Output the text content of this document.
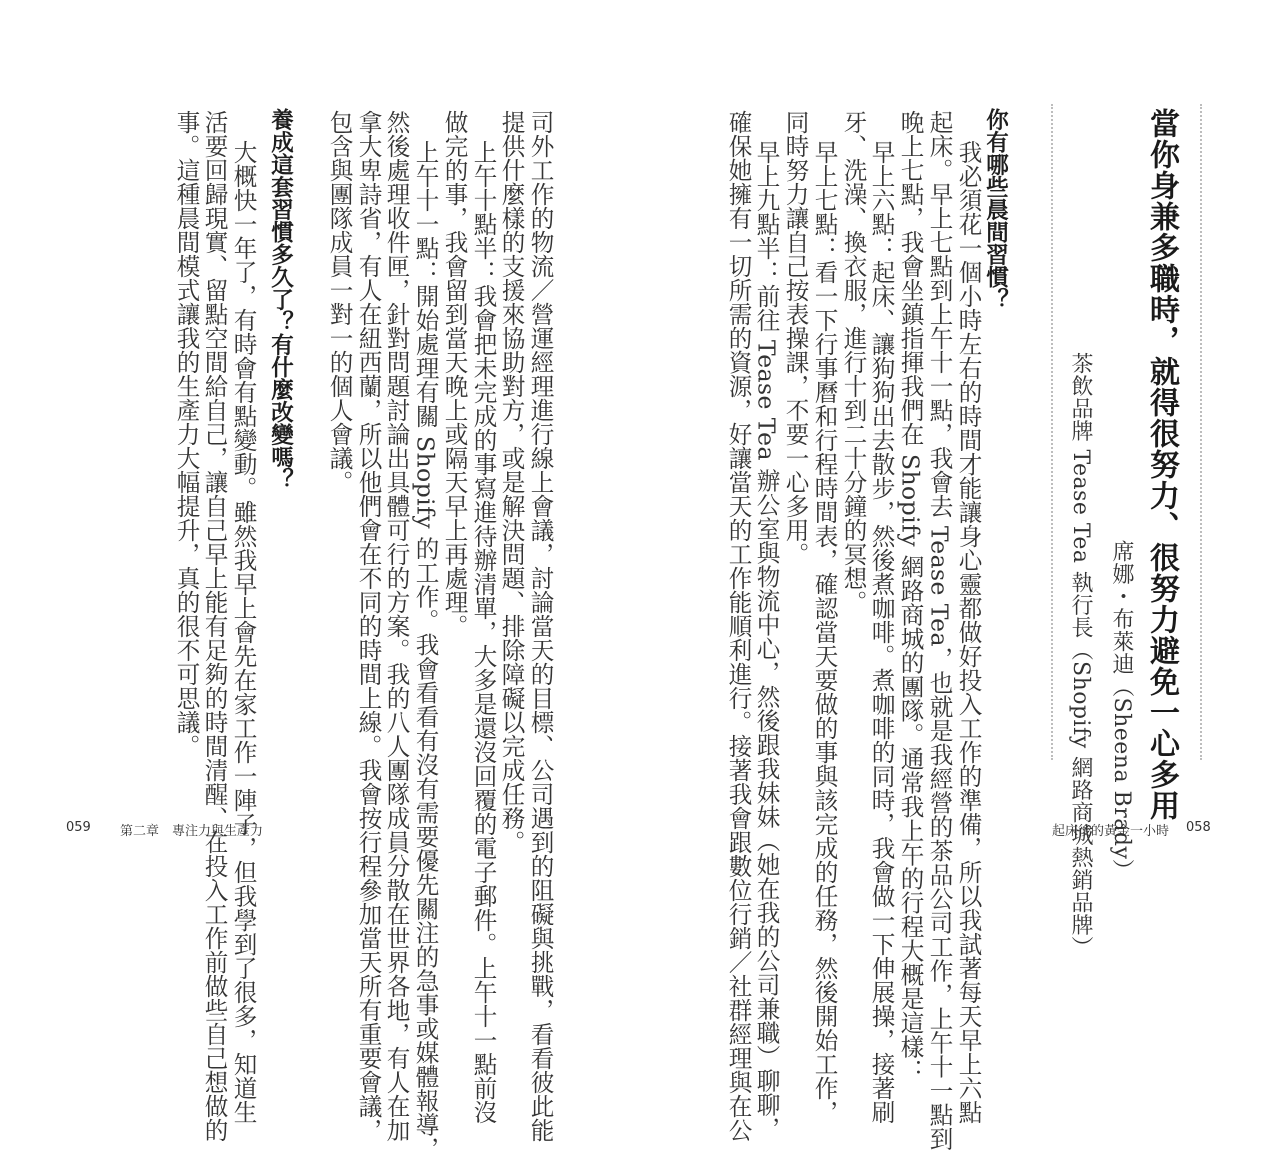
當你身兼多職時，就得很努力、很努力避免一心多用
席娜・布萊迪（Sheena Brady）
茶飲品牌 Tease Tea 執行長（Shopify 網路商城熱銷品牌）
你有哪些晨間習慣？
我必須花一個小時左右的時間才能讓身心靈都做好投入工作的準備，所以我試著每天早上六點
起床。早上七點到上午十一點，我會去 Tease Tea，也就是我經營的茶品公司工作，上午十一點到
晚上七點，我會坐鎮指揮我們在 Shopify 網路商城的團隊。通常我上午的行程大概是這樣：
早上六點：起床、讓狗狗出去散步，然後煮咖啡。煮咖啡的同時，我會做一下伸展操，接著刷
牙、洗澡、換衣服，進行十到二十分鐘的冥想。
早上七點：看一下行事曆和行程時間表，確認當天要做的事與該完成的任務，然後開始工作，
同時努力讓自己按表操課，不要一心多用。
早上九點半：前往 Tease Tea 辦公室與物流中心，然後跟我妹妹（她在我的公司兼職）聊聊，
確保她擁有一切所需的資源，好讓當天的工作能順利進行。接著我會跟數位行銷／社群經理與在公	起床後的黃金一小時 058
司外工作的物流／營運經理進行線上會議，討論當天的目標、公司遇到的阻礙與挑戰，看看彼此能
提供什麼樣的支援來協助對方，或是解決問題、排除障礙以完成任務。
上午十點半：我會把未完成的事寫進待辦清單，大多是還沒回覆的電子郵件。上午十一點前沒
做完的事，我會留到當天晚上或隔天早上再處理。
上午十一點：開始處理有關 Shopify 的工作。我會看看有沒有需要優先關注的急事或媒體報導，
然後處理收件匣，針對問題討論出具體可行的方案。我的八人團隊成員分散在世界各地，有人在加
拿大卑詩省，有人在紐西蘭，所以他們會在不同的時間上線。我會按行程參加當天所有重要會議，
包含與團隊成員一對一的個人會議。
養成這套習慣多久了？有什麼改變嗎？
大概快一年了，有時會有點變動。雖然我早上會先在家工作一陣子，但我學到了很多，知道生
活要回歸現實、留點空間給自己，讓自己早上能有足夠的時間清醒、在投入工作前做些自己想做的
事。這種晨間模式讓我的生產力大幅提升，真的很不可思議。
059 第二章　專注力與生產力
